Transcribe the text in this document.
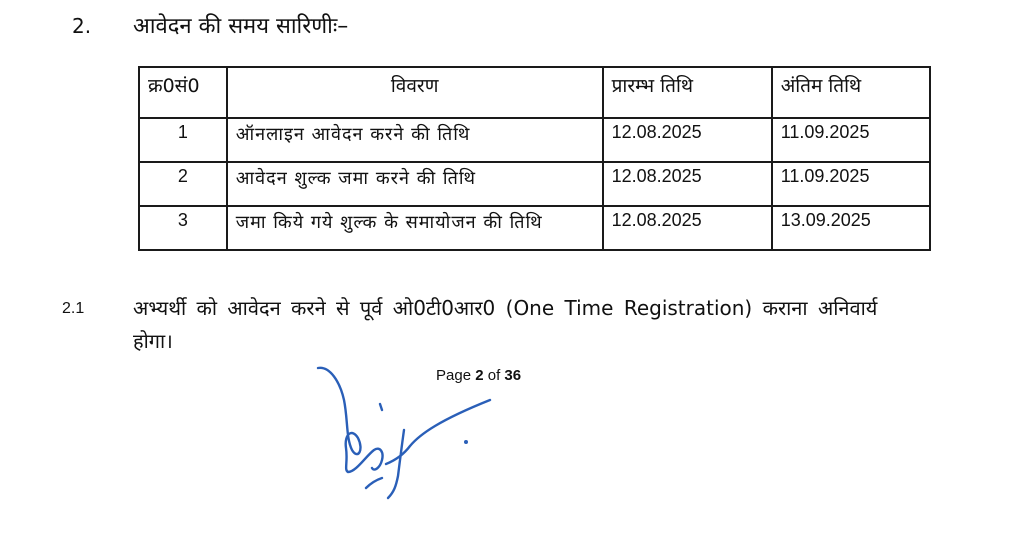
2. आवेदन की समय सारिणीः–
क्र0सं0	विवरण	प्रारम्भ तिथि	अंतिम तिथि
1	ऑनलाइन आवेदन करने की तिथि	12.08.2025	11.09.2025
2	आवेदन शुल्क जमा करने की तिथि	12.08.2025	11.09.2025
3	जमा किये गये शुल्क के समायोजन की तिथि	12.08.2025	13.09.2025
2.1 अभ्यर्थी को आवेदन करने से पूर्व ओ0टी0आर0 (One Time Registration) कराना अनिवार्य होगा।
Page 2 of 36
